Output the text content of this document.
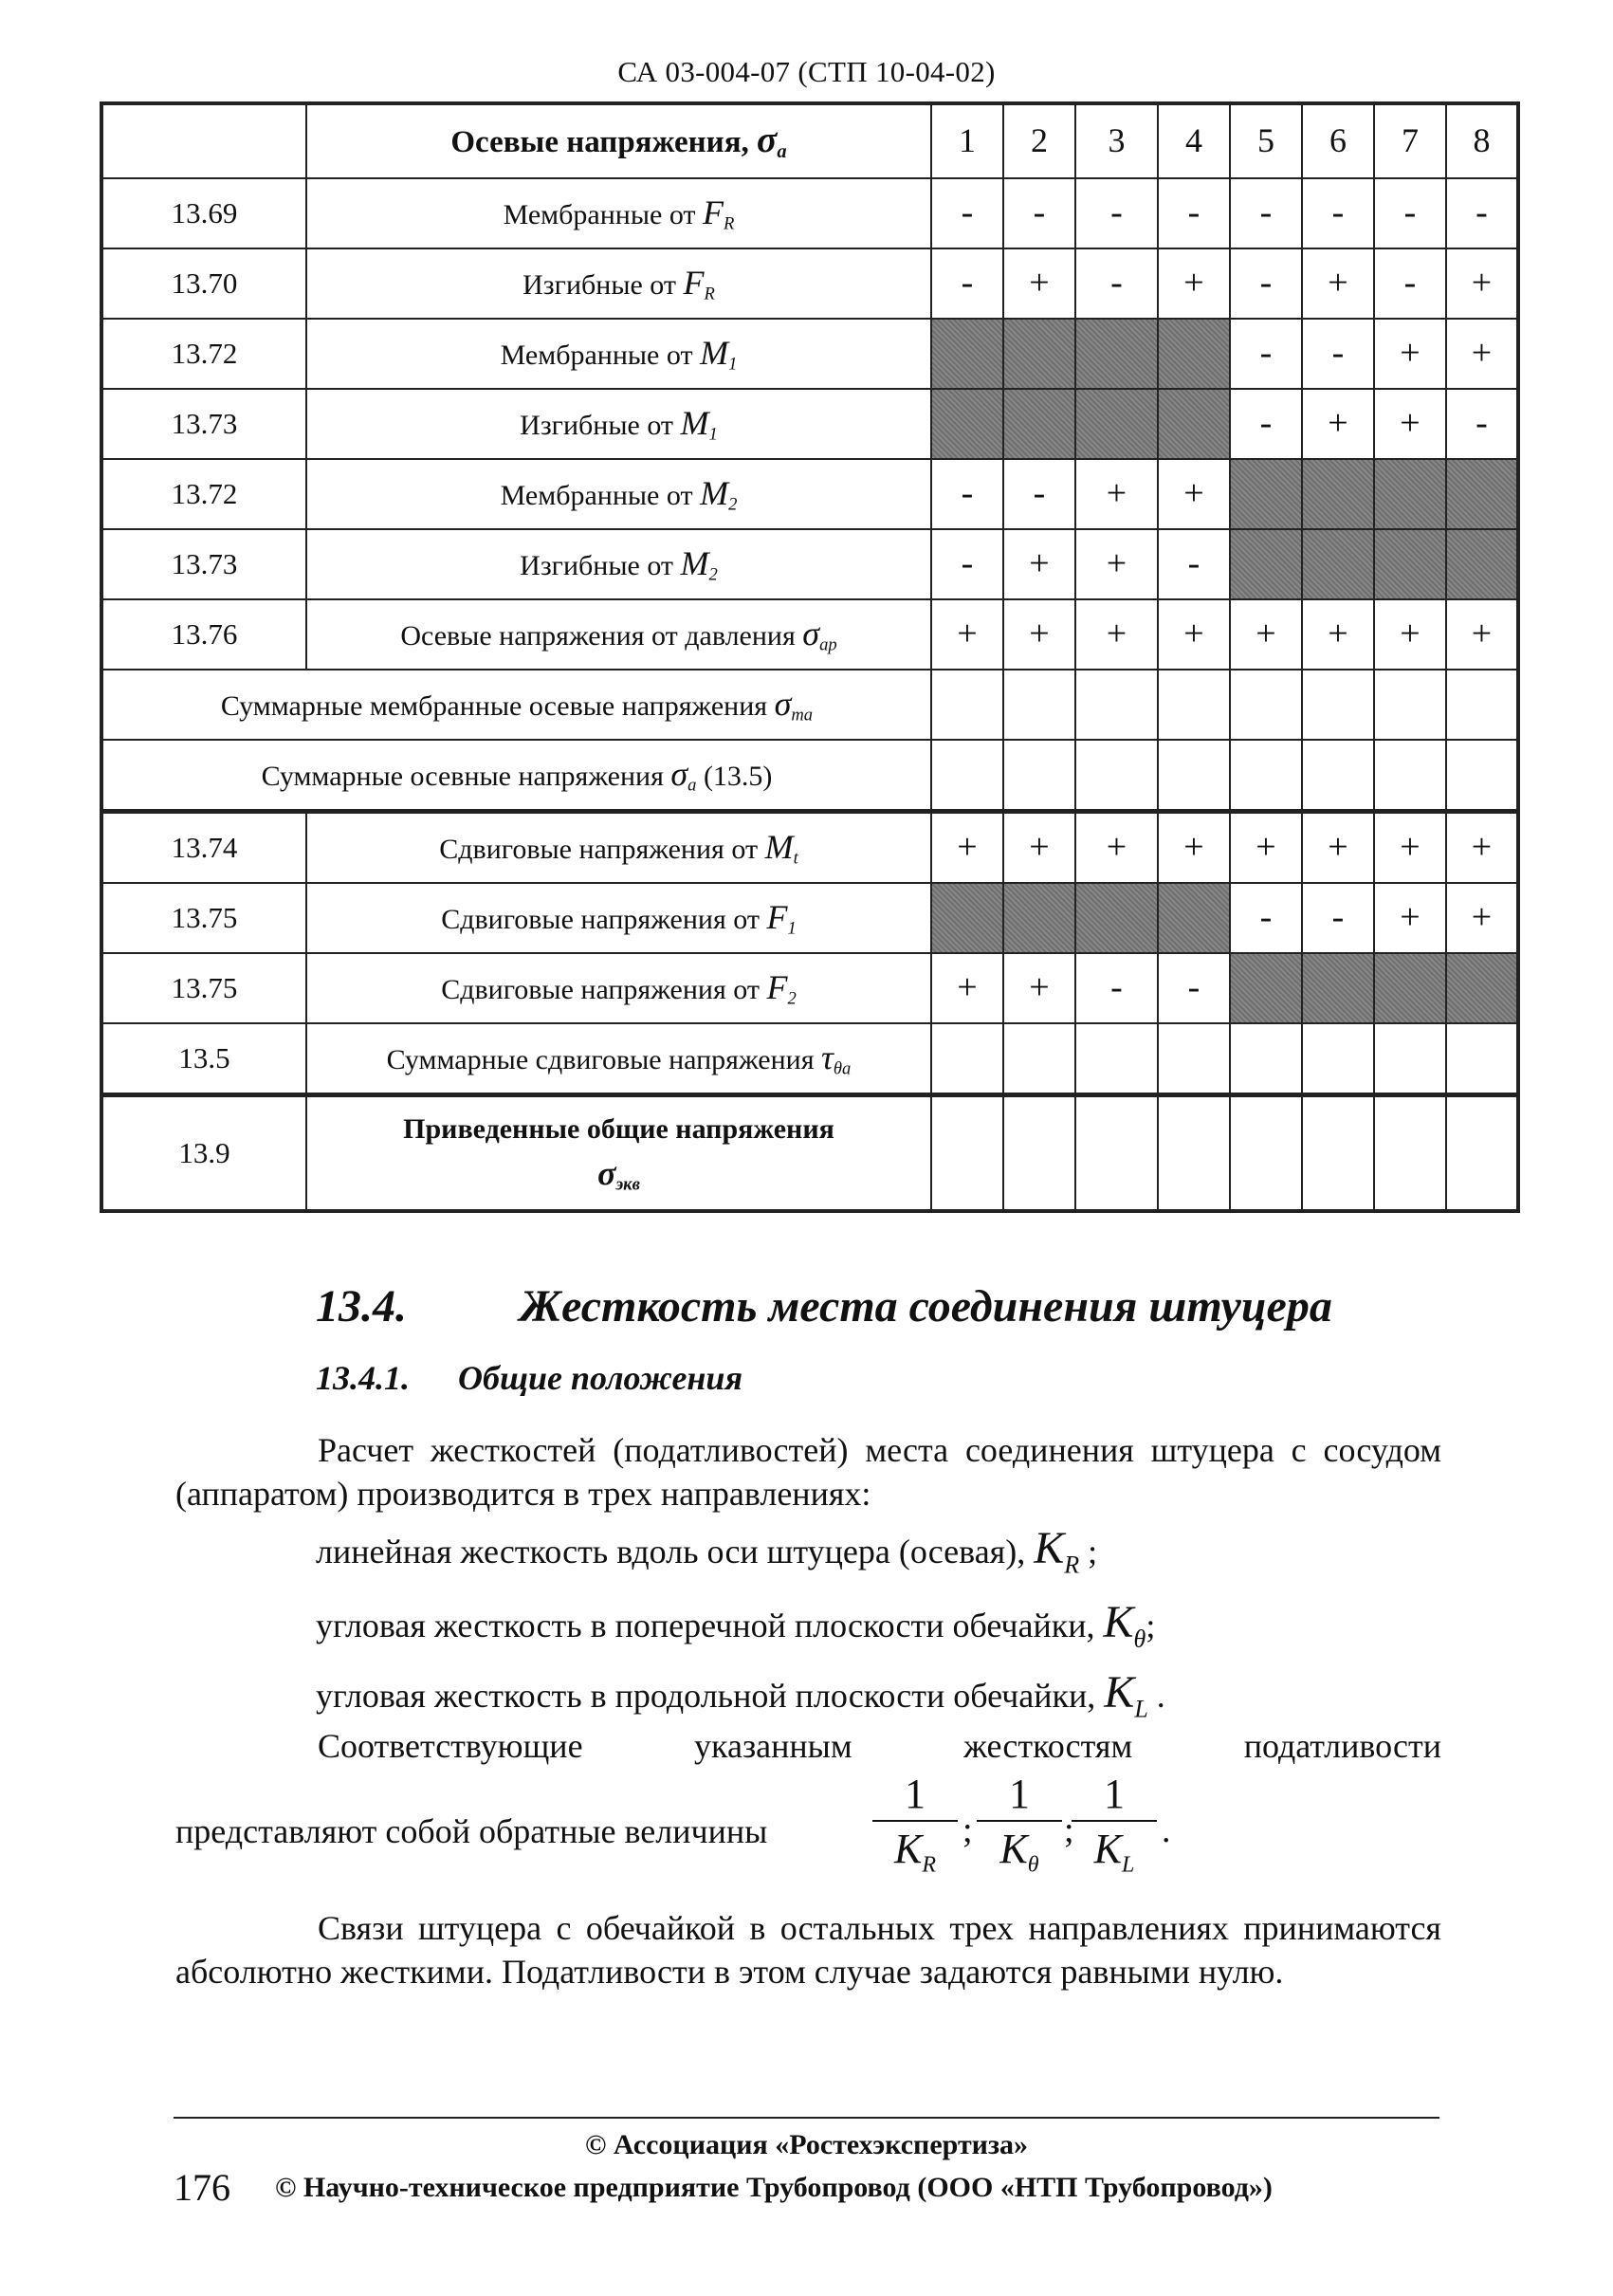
СА 03-004-07 (СТП 10-04-02)
	Осевые напряжения, $\sigma_a$	1	2	3	4	5	6	7	8
13.69	Мембранные от $F_R$	-	-	-	-	-	-	-	-
13.70	Изгибные от $F_R$	-	+	-	+	-	+	-	+
13.72	Мембранные от $M_1$					-	-	+	+
13.73	Изгибные от $M_1$					-	+	+	-
13.72	Мембранные от $M_2$	-	-	+	+				
13.73	Изгибные от $M_2$	-	+	+	-				
13.76	Осевые напряжения от давления $\sigma_{ap}$	+	+	+	+	+	+	+	+
Суммарные мембранные осевые напряжения $\sigma_{ma}$								
Суммарные осевные напряжения $\sigma_a$ (13.5)									
13.74	Сдвиговые напряжения от $M_t$	+	+	+	+	+	+	+	+
13.75	Сдвиговые напряжения от $F_1$					-	-	+	+
13.75	Сдвиговые напряжения от $F_2$	+	+	-	-				
13.5	Суммарные сдвиговые напряжения $\tau_{\theta a}$								
13.9	Приведенные общие напряжения
$\sigma_{экв}$

13.4. Жесткость места соединения штуцера
13.4.1. Общие положения
Расчет жесткостей (податливостей) места соединения штуцера с сосудом (аппаратом) производится в трех направлениях:
линейная жесткость вдоль оси штуцера (осевая), $K_R$ ;
угловая жесткость в поперечной плоскости обечайки, $K_\theta$;
угловая жесткость в продольной плоскости обечайки, $K_L$ .
Соответствующие указанным жесткостям податливости
представляют собой обратные величины	$\frac{1}{K_R}$ ; $\frac{1}{K_\theta}$ ;
$\frac{1}{K_L}$ .
Связи штуцера с обечайкой в остальных трех направлениях принимаются абсолютно жесткими. Податливости в этом случае задаются равными нулю.
© Ассоциация «Ростехэкспертиза»
176 © Научно-техническое предприятие Трубопровод (ООО «НТП Трубопровод»)
